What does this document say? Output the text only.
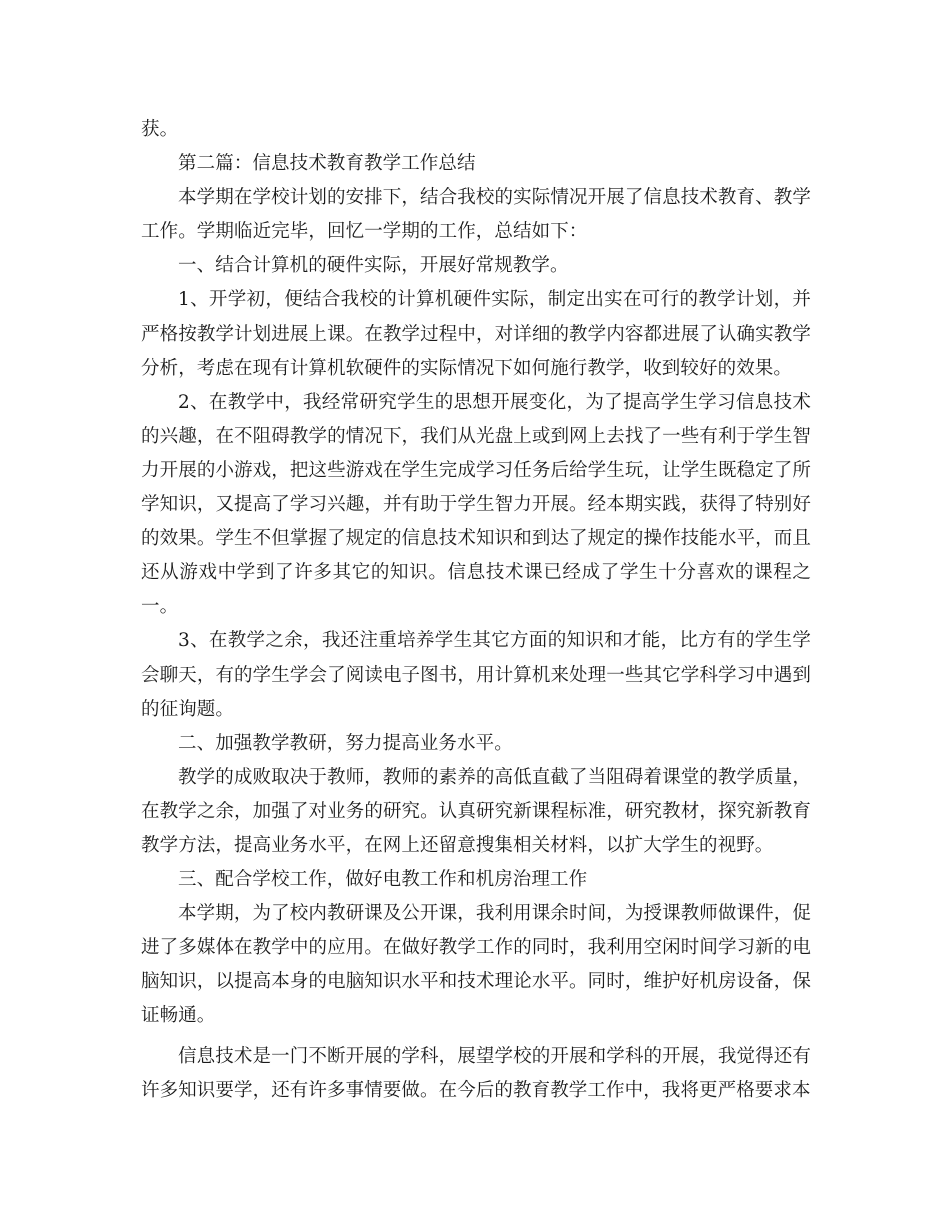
获。

第二篇：信息技术教育教学工作总结

本学期在学校计划的安排下，结合我校的实际情况开展了信息技术教育、教学工作。学期临近完毕，回忆一学期的工作，总结如下：

一、结合计算机的硬件实际，开展好常规教学。

1、开学初，便结合我校的计算机硬件实际，制定出实在可行的教学计划，并严格按教学计划进展上课。在教学过程中，对详细的教学内容都进展了认确实教学分析，考虑在现有计算机软硬件的实际情况下如何施行教学，收到较好的效果。

2、在教学中，我经常研究学生的思想开展变化，为了提高学生学习信息技术的兴趣，在不阻碍教学的情况下，我们从光盘上或到网上去找了一些有利于学生智力开展的小游戏，把这些游戏在学生完成学习任务后给学生玩，让学生既稳定了所学知识，又提高了学习兴趣，并有助于学生智力开展。经本期实践，获得了特别好的效果。学生不但掌握了规定的信息技术知识和到达了规定的操作技能水平，而且还从游戏中学到了许多其它的知识。信息技术课已经成了学生十分喜欢的课程之一。

3、在教学之余，我还注重培养学生其它方面的知识和才能，比方有的学生学会聊天，有的学生学会了阅读电子图书，用计算机来处理一些其它学科学习中遇到的征询题。

二、加强教学教研，努力提高业务水平。

教学的成败取决于教师，教师的素养的高低直截了当阻碍着课堂的教学质量，在教学之余，加强了对业务的研究。认真研究新课程标准，研究教材，探究新教育教学方法，提高业务水平，在网上还留意搜集相关材料，以扩大学生的视野。

三、配合学校工作，做好电教工作和机房治理工作

本学期，为了校内教研课及公开课，我利用课余时间，为授课教师做课件，促进了多媒体在教学中的应用。在做好教学工作的同时，我利用空闲时间学习新的电脑知识，以提高本身的电脑知识水平和技术理论水平。同时，维护好机房设备，保证畅通。

信息技术是一门不断开展的学科，展望学校的开展和学科的开展，我觉得还有许多知识要学，还有许多事情要做。在今后的教育教学工作中，我将更严格要求本
